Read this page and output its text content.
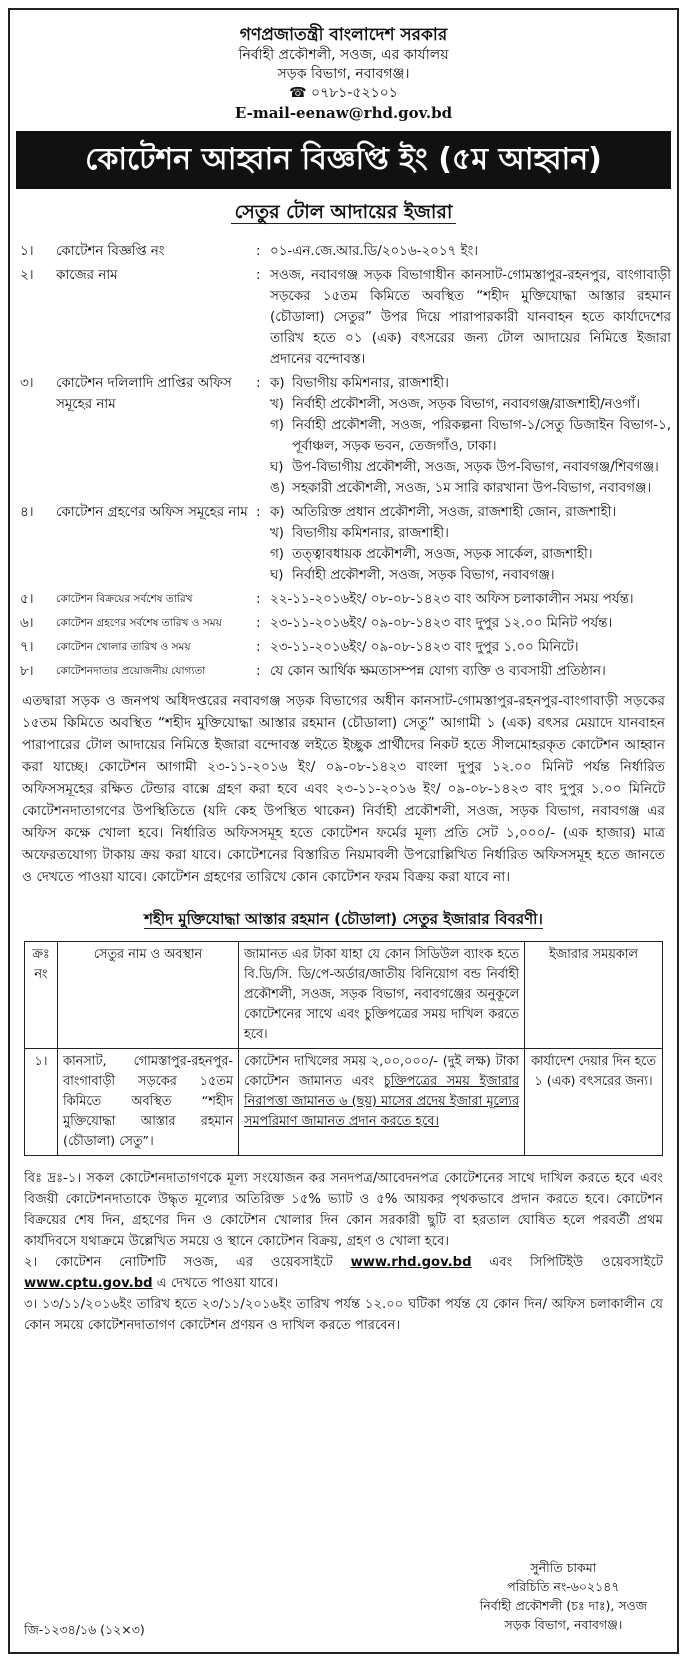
গণপ্রজাতন্ত্রী বাংলাদেশ সরকার
নির্বাহী প্রকৌশলী, সওজ, এর কার্যালয়
সড়ক বিভাগ, নবাবগঞ্জ।
☎ ০৭৮১-৫২১০১
E-mail-eenaw@rhd.gov.bd
কোটেশন আহ্বান বিজ্ঞপ্তি ইং (৫ম আহ্বান)
সেতুর টোল আদায়ের ইজারা
১।	কোটেশন বিজ্ঞপ্তি নং	: ০১-এন.জে.আর.ডি/২০১৬-২০১৭ ইং।
২।	কাজের নাম	: সওজ, নবাবগঞ্জ সড়ক বিভাগাধীন কানসাট-গোমস্তাপুর-রহনপুর, বাংগাবাড়ী সড়কের ১৫তম কিমিতে অবস্থিত “শহীদ মুক্তিযোদ্ধা আস্তার রহমান (চৌডালা) সেতুর” উপর দিয়ে পারাপারকারী যানবাহন হতে কার্যাদেশের তারিখ হতে ০১ (এক) বৎসরের জন্য টোল আদায়ের নিমিত্তে ইজারা প্রদানের বন্দোবস্ত।
৩।	কোটেশন দলিলাদি প্রাপ্তির অফিস সমূহের নাম
: ক) বিভাগীয় কমিশনার, রাজশাহী।
খ) নির্বাহী প্রকৌশলী, সওজ, সড়ক বিভাগ, নবাবগঞ্জ/রাজশাহী/নওগাঁ।
গ) নির্বাহী প্রকৌশলী, সওজ, পরিকল্পনা বিভাগ-১/সেতু ডিজাইন বিভাগ-১, পূর্বাঞ্চল, সড়ক ভবন, তেজগাঁও, ঢাকা।
ঘ) উপ-বিভাগীয় প্রকৌশলী, সওজ, সড়ক উপ-বিভাগ, নবাবগঞ্জ/শিবগঞ্জ।
ঙ) সহকারী প্রকৌশলী, সওজ, ১ম সারি কারখানা উপ-বিভাগ, নবাবগঞ্জ।
৪।	কোটেশন গ্রহণের অফিস সমূহের নাম : ক) অতিরিক্ত প্রধান প্রকৌশলী, সওজ, রাজশাহী জোন, রাজশাহী।
খ) বিভাগীয় কমিশনার, রাজশাহী।
গ) তত্ত্বাবধায়ক প্রকৌশলী, সওজ, সড়ক সার্কেল, রাজশাহী।
ঘ) নির্বাহী প্রকৌশলী, সওজ, সড়ক বিভাগ, নবাবগঞ্জ।
৫।	কোটেশন বিক্রয়ের সর্বশেষ তারিখ	: ২২-১১-২০১৬ইং/ ০৮-০৮-১৪২৩ বাং অফিস চলাকালীন সময় পর্যন্ত।
৬।	কোটেশন গ্রহণের সর্বশেষ তারিখ ও সময়	: ২৩-১১-২০১৬ইং/ ০৯-০৮-১৪২৩ বাং দুপুর ১২.০০ মিনিট পর্যন্ত।
৭।	কোটেশন খোলার তারিখ ও সময়	: ২৩-১১-২০১৬ইং/ ০৯-০৮-১৪২৩ বাং দুপুর ১.০০ মিনিটে।
৮।	কোটেশনদাতার প্রয়োজনীয় যোগ্যতা	: যে কোন আর্থিক ক্ষমতাসম্পন্ন যোগ্য ব্যক্তি ও ব্যবসায়ী প্রতিষ্ঠান।
এতদ্বারা সড়ক ও জনপথ অধিদপ্তরের নবাবগঞ্জ সড়ক বিভাগের অধীন কানসাট-গোমস্তাপুর-রহনপুর-বাংগাবাড়ী সড়কের ১৫তম কিমিতে অবস্থিত “শহীদ মুক্তিযোদ্ধা আস্তার রহমান (চৌডালা) সেতু” আগামী ১ (এক) বৎসর মেয়াদে যানবাহন পারাপারের টোল আদায়ের নিমিত্তে ইজারা বন্দোবস্ত লইতে ইচ্ছুক প্রার্থীদের নিকট হতে সীলমোহরকৃত কোটেশন আহ্বান করা যাচ্ছে। কোটেশন আগামী ২৩-১১-২০১৬ ইং/ ০৯-০৮-১৪২৩ বাংলা দুপুর ১২.০০ মিনিট পর্যন্ত নির্ধারিত অফিসসমূহের রক্ষিত টেন্ডার বাক্সে গ্রহণ করা হবে এবং ২৩-১১-২০১৬ ইং/ ০৯-০৮-১৪২৩ বাং দুপুর ১.০০ মিনিটে কোটেশনদাতাগণের উপস্থিতিতে (যদি কেহ উপস্থিত থাকেন) নির্বাহী প্রকৌশলী, সওজ, সড়ক বিভাগ, নবাবগঞ্জ এর অফিস কক্ষে খোলা হবে। নির্ধারিত অফিসসমূহ হতে কোটেশন ফর্মের মূল্য প্রতি সেট ১,০০০/- (এক হাজার) মাত্র অফেরতযোগ্য টাকায় ক্রয় করা যাবে। কোটেশনের বিস্তারিত নিয়মাবলী উপরোল্লিখিত নির্ধারিত অফিসসমূহ হতে জানতে ও দেখতে পাওয়া যাবে। কোটেশন গ্রহণের তারিখে কোন কোটেশন ফরম বিক্রয় করা যাবে না।
শহীদ মুক্তিযোদ্ধা আস্তার রহমান (চৌডালা) সেতুর ইজারার বিবরণী।
ক্রঃ নং	সেতুর নাম ও অবস্থান	জামানত এর টাকা যাহা যে কোন সিডিউল ব্যাংক হতে বি.ডি/সি. ডি/পে-অর্ডার/জাতীয় বিনিয়োগ বন্ড নির্বাহী প্রকৌশলী, সওজ, সড়ক বিভাগ, নবাবগঞ্জের অনুকূলে কোটেশনের সাথে এবং চুক্তিপত্রের সময় দাখিল করতে হবে।	ইজারার সময়কাল
১।	কানসাট, গোমস্তাপুর-রহনপুর-বাংগাবাড়ী সড়কের ১৫তম কিমিতে অবস্থিত “শহীদ মুক্তিযোদ্ধা আস্তার রহমান (চৌডালা) সেতু”।	কোটেশন দাখিলের সময় ২,০০,০০০/- (দুই লক্ষ) টাকা কোটেশন জামানত এবং চুক্তিপত্রের সময় ইজারার নিরাপত্তা জামানত ৬ (ছয়) মাসের প্রদেয় ইজারা মূল্যের সমপরিমাণ জামানত প্রদান করতে হবে।	কার্যাদেশ দেয়ার দিন হতে ১ (এক) বৎসরের জন্য।
বিঃ দ্রঃ-১। সকল কোটেশনদাতাগণকে মূল্য সংযোজন কর সনদপত্র/আবেদনপত্র কোটেশনের সাথে দাখিল করতে হবে এবং বিজয়ী কোটেশনদাতাকে উদ্ধৃত মূল্যের অতিরিক্ত ১৫% ভ্যাট ও ৫% আয়কর পৃথকভাবে প্রদান করতে হবে। কোটেশন বিক্রয়ের শেষ দিন, গ্রহণের দিন ও কোটেশন খোলার দিন কোন সরকারী ছুটি বা হরতাল ঘোষিত হলে পরবর্তী প্রথম কার্যদিবসে যথাক্রমে উল্লেখিত সময়ে ও স্থানে কোটেশন বিক্রয়, গ্রহণ ও খোলা হবে।
২। কোটেশন নোটিশটি সওজ, এর ওয়েবসাইটে www.rhd.gov.bd এবং সিপিটিইউ ওয়েবসাইটে www.cptu.gov.bd এ দেখতে পাওয়া যাবে।
৩। ১৩/১১/২০১৬ইং তারিখ হতে ২৩/১১/২০১৬ইং তারিখ পর্যন্ত ১২.০০ ঘটিকা পর্যন্ত যে কোন দিন/ অফিস চলাকালীন যে কোন সময়ে কোটেশনদাতাগণ কোটেশন প্রণয়ন ও দাখিল করতে পারবেন।
সুনীতি চাকমা
পরিচিতি নং-৬০২১৪৭
নির্বাহী প্রকৌশলী (চঃ দাঃ), সওজ
সড়ক বিভাগ, নবাবগঞ্জ।
জি-১২৩৪/১৬ (১২×৩)
